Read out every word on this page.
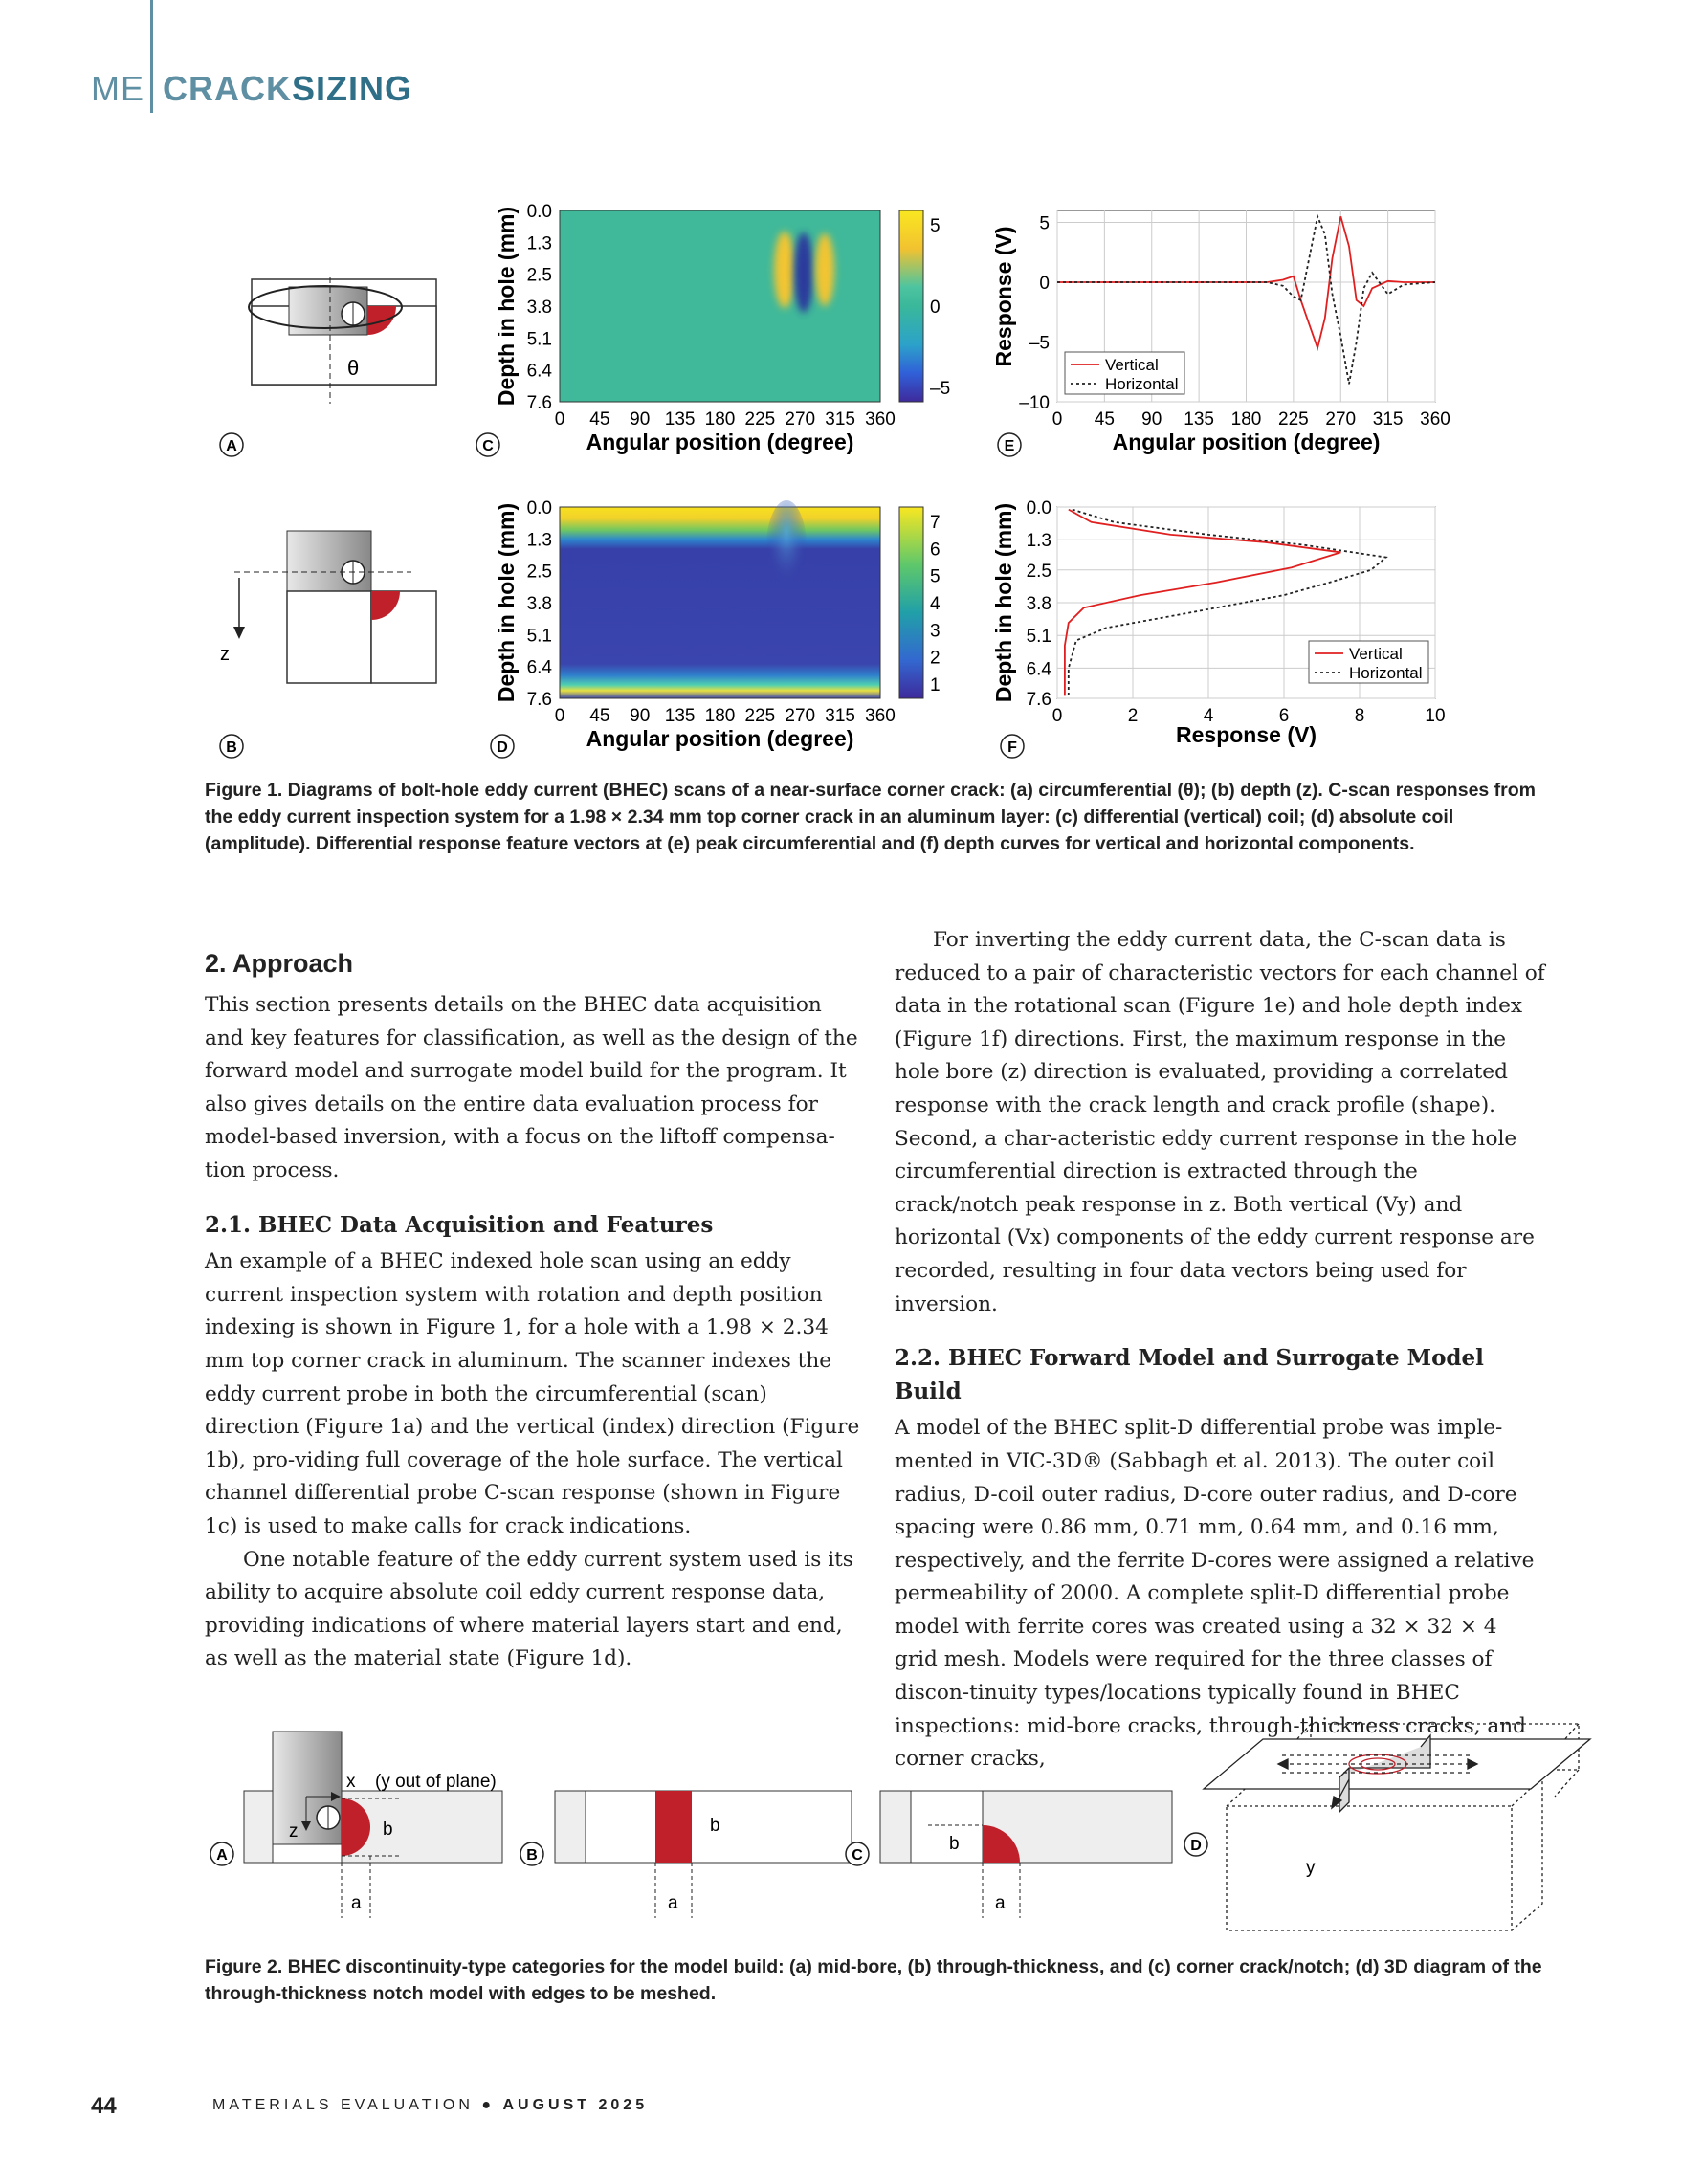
ME CRACKSIZING
θ
z
A
B
C
D
E
F
0.0
1.3
2.5
3.8
5.1
6.4
7.6
0 45 90 135 180 225 270 315 360
Angular position (degree)
Depth in hole (mm)	5
0
–5
0.0
1.3
2.5
3.8
5.1
6.4
7.6
0 45 90 135 180 225 270 315 360
Angular position (degree)
Depth in hole (mm)	7
6
5
4
3
2
1
0 45 90 135 180 225 270 315 360
5
0
–5
–10
Angular position (degree)
Response (V)	Vertical
Horizontal
0	2	4	6	8	10
0.0
1.3
2.5
3.8
5.1
6.4
7.6
Response (V)
Depth in hole (mm)	Vertical
Horizontal
Figure 1. Diagrams of bolt-hole eddy current (BHEC) scans of a near-surface corner crack: (a) circumferential (θ); (b) depth (z). C-scan responses from the eddy current inspection system for a 1.98 × 2.34 mm top corner crack in an aluminum layer: (c) differential (vertical) coil; (d) absolute coil (amplitude). Differential response feature vectors at (e) peak circumferential and (f) depth curves for vertical and horizontal components.
2. Approach

This section presents details on the BHEC data acquisition and key features for classification, as well as the design of the forward model and surrogate model build for the program. It also gives details on the entire data evaluation process for model-based inversion, with a focus on the liftoff compensa-tion process.

2.1. BHEC Data Acquisition and Features

An example of a BHEC indexed hole scan using an eddy current inspection system with rotation and depth position indexing is shown in Figure 1, for a hole with a 1.98 × 2.34 mm top corner crack in aluminum. The scanner indexes the eddy current probe in both the circumferential (scan) direction (Figure 1a) and the vertical (index) direction (Figure 1b), pro-viding full coverage of the hole surface. The vertical channel differential probe C-scan response (shown in Figure 1c) is used to make calls for crack indications.

One notable feature of the eddy current system used is its ability to acquire absolute coil eddy current response data, providing indications of where material layers start and end, as well as the material state (Figure 1d).

For inverting the eddy current data, the C-scan data is reduced to a pair of characteristic vectors for each channel of data in the rotational scan (Figure 1e) and hole depth index (Figure 1f) directions. First, the maximum response in the hole bore (z) direction is evaluated, providing a correlated response with the crack length and crack profile (shape). Second, a char-acteristic eddy current response in the hole circumferential direction is extracted through the crack/notch peak response in z. Both vertical (Vy) and horizontal (Vx) components of the eddy current response are recorded, resulting in four data vectors being used for inversion.

2.2. BHEC Forward Model and Surrogate Model Build

A model of the BHEC split-D differential probe was imple-mented in VIC-3D® (Sabbagh et al. 2013). The outer coil radius, D-coil outer radius, D-core outer radius, and D-core spacing were 0.86 mm, 0.71 mm, 0.64 mm, and 0.16 mm, respectively, and the ferrite D-cores were assigned a relative permeability of 2000. A complete split-D differential probe model with ferrite cores was created using a 32 × 32 × 4 grid mesh. Models were required for the three classes of discon-tinuity types/locations typically found in BHEC inspections: mid-bore cracks, through-thickness cracks, and corner cracks,

A	B	C
D
x (y out of plane)
z	b
a
b
a
b
a
y
Figure 2. BHEC discontinuity-type categories for the model build: (a) mid-bore, (b) through-thickness, and (c) corner crack/notch; (d) 3D diagram of the through-thickness notch model with edges to be meshed.
44	MATERIALS EVALUATION ● AUGUST 2025
